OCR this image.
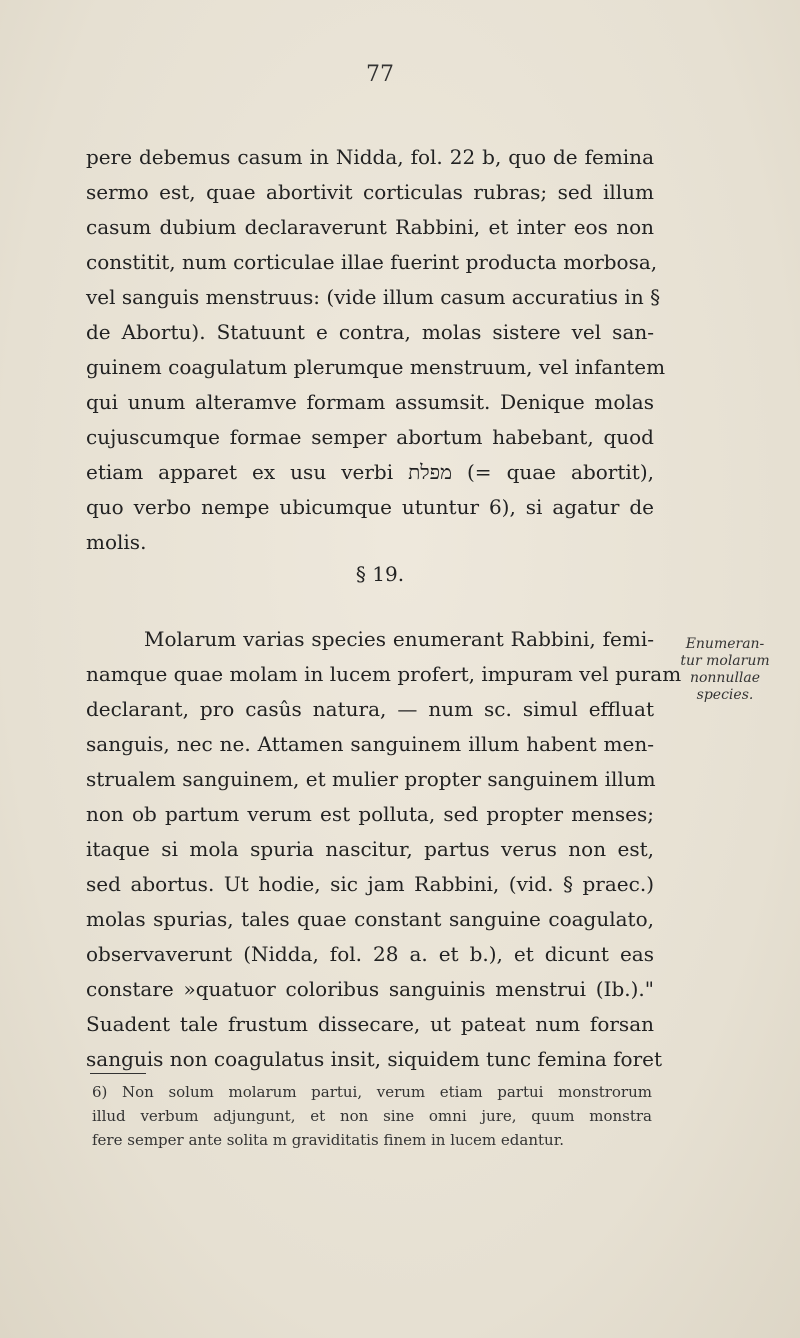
77
pere debemus casum in Nidda, fol. 22 b, quo de femina
sermo est, quae abortivit corticulas rubras; sed illum
casum dubium declaraverunt Rabbini, et inter eos non
constitit, num corticulae illae fuerint producta morbosa,
vel sanguis menstruus: (vide illum casum accuratius in §
de Abortu). Statuunt e contra, molas sistere vel san-
guinem coagulatum plerumque menstruum, vel infantem
qui unum alteramve formam assumsit. Denique molas
cujuscumque formae semper abortum habebant, quod
etiam apparet ex usu verbi מפלת (= quae abortit),
quo verbo nempe ubicumque utuntur 6), si agatur de
molis.
§ 19.
Molarum varias species enumerant Rabbini, femi-
namque quae molam in lucem profert, impuram vel puram
declarant, pro casûs natura, — num sc. simul effluat
sanguis, nec ne. Attamen sanguinem illum habent men-
strualem sanguinem, et mulier propter sanguinem illum
non ob partum verum est polluta, sed propter menses;
itaque si mola spuria nascitur, partus verus non est,
sed abortus. Ut hodie, sic jam Rabbini, (vid. § praec.)
molas spurias, tales quae constant sanguine coagulato,
observaverunt (Nidda, fol. 28 a. et b.), et dicunt eas
constare »quatuor coloribus sanguinis menstrui (Ib.)."
Suadent tale frustum dissecare, ut pateat num forsan
sanguis non coagulatus insit, siquidem tunc femina foret
Enumeran-
tur molarum
nonnullae
species.
6) Non solum molarum partui, verum etiam partui monstrorum
illud verbum adjungunt, et non sine omni jure, quum monstra
fere semper ante solita m graviditatis finem in lucem edantur.
